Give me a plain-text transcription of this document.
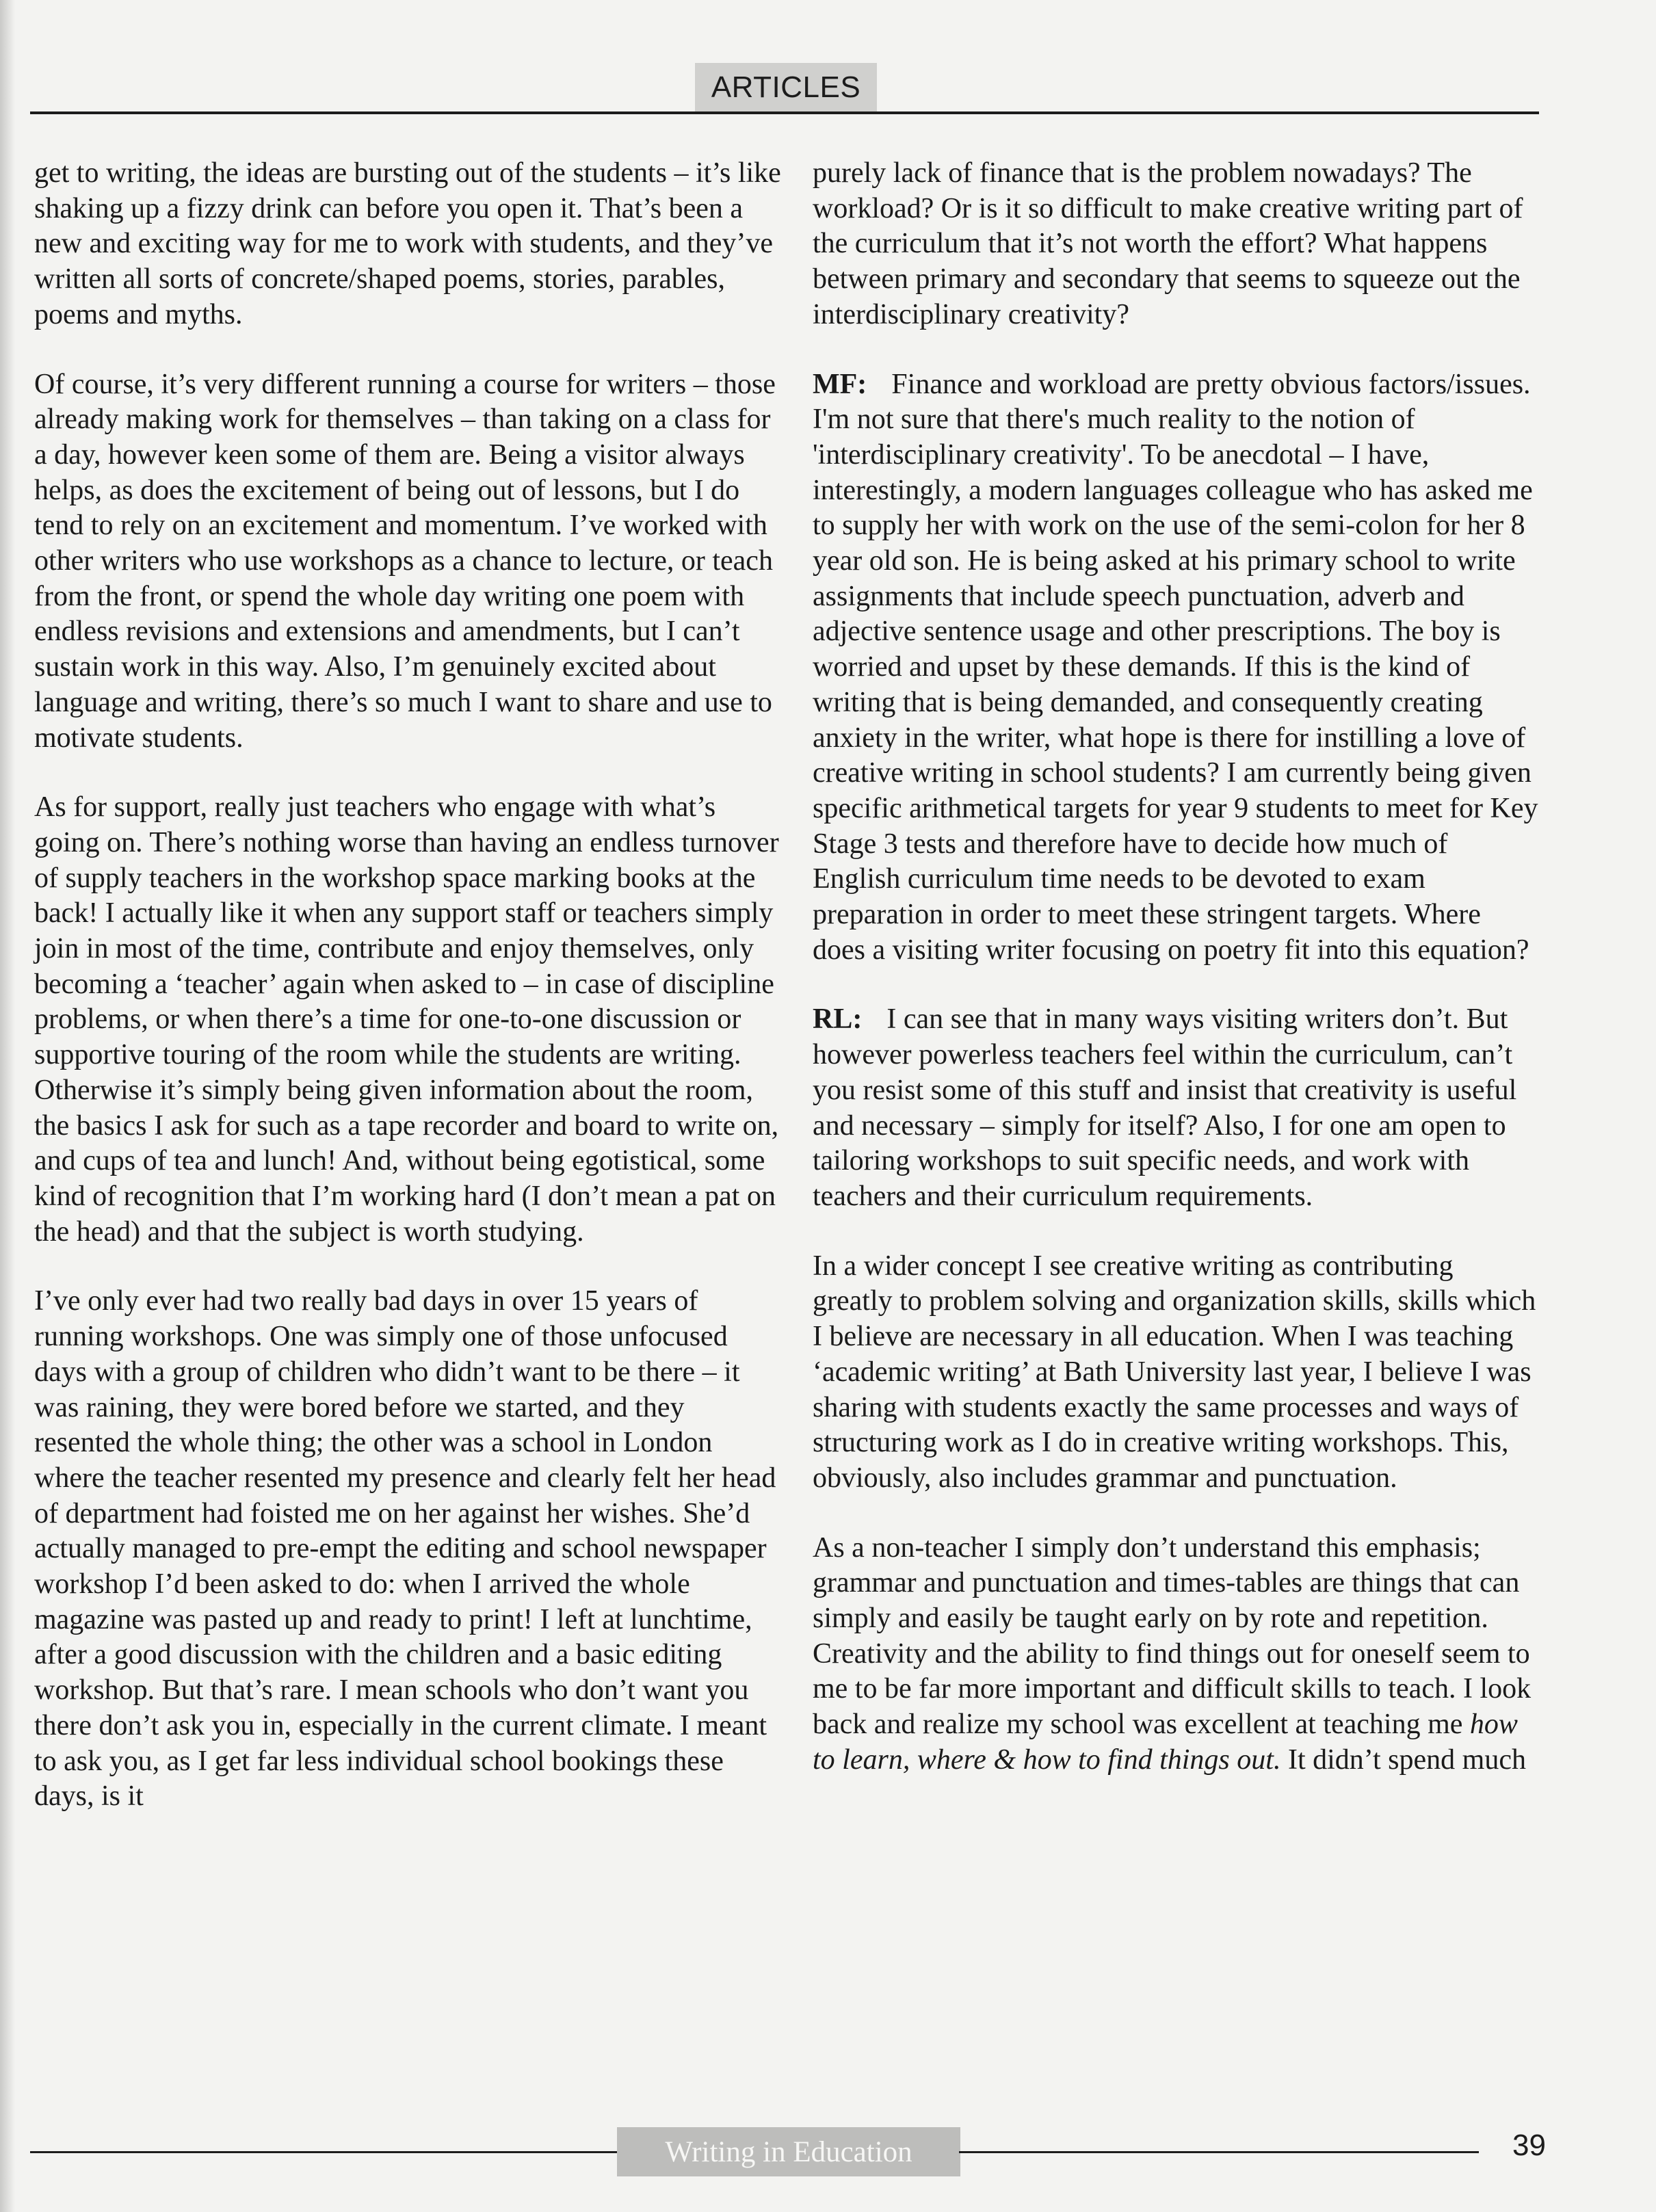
ARTICLES

get to writing, the ideas are bursting out of the students – it’s like shaking up a fizzy drink can before you open it. That’s been a new and exciting way for me to work with students, and they’ve written all sorts of concrete/shaped poems, stories, parables, poems and myths.

Of course, it’s very different running a course for writers – those already making work for themselves – than taking on a class for a day, however keen some of them are. Being a visitor always helps, as does the excitement of being out of lessons, but I do tend to rely on an excitement and momentum. I’ve worked with other writers who use workshops as a chance to lecture, or teach from the front, or spend the whole day writing one poem with endless revisions and extensions and amendments, but I can’t sustain work in this way. Also, I’m genuinely excited about language and writing, there’s so much I want to share and use to motivate students.

As for support, really just teachers who engage with what’s going on. There’s nothing worse than having an endless turnover of supply teachers in the workshop space marking books at the back! I actually like it when any support staff or teachers simply join in most of the time, contribute and enjoy themselves, only becoming a ‘teacher’ again when asked to – in case of discipline problems, or when there’s a time for one-to-one discussion or supportive touring of the room while the students are writing. Otherwise it’s simply being given information about the room, the basics I ask for such as a tape recorder and board to write on, and cups of tea and lunch! And, without being egotistical, some kind of recognition that I’m working hard (I don’t mean a pat on the head) and that the subject is worth studying.

I’ve only ever had two really bad days in over 15 years of running workshops. One was simply one of those unfocused days with a group of children who didn’t want to be there – it was raining, they were bored before we started, and they resented the whole thing; the other was a school in London where the teacher resented my presence and clearly felt her head of department had foisted me on her against her wishes. She’d actually managed to pre-empt the editing and school newspaper workshop I’d been asked to do: when I arrived the whole magazine was pasted up and ready to print! I left at lunchtime, after a good discussion with the children and a basic editing workshop. But that’s rare. I mean schools who don’t want you there don’t ask you in, especially in the current climate. I meant to ask you, as I get far less individual school bookings these days, is it

purely lack of finance that is the problem nowadays? The workload? Or is it so difficult to make creative writing part of the curriculum that it’s not worth the effort? What happens between primary and secondary that seems to squeeze out the interdisciplinary creativity?

MF: Finance and workload are pretty obvious factors/issues. I'm not sure that there's much reality to the notion of 'interdisciplinary creativity'. To be anecdotal – I have, interestingly, a modern languages colleague who has asked me to supply her with work on the use of the semi-colon for her 8 year old son. He is being asked at his primary school to write assignments that include speech punctuation, adverb and adjective sentence usage and other prescriptions. The boy is worried and upset by these demands. If this is the kind of writing that is being demanded, and consequently creating anxiety in the writer, what hope is there for instilling a love of creative writing in school students? I am currently being given specific arithmetical targets for year 9 students to meet for Key Stage 3 tests and therefore have to decide how much of English curriculum time needs to be devoted to exam preparation in order to meet these stringent targets. Where does a visiting writer focusing on poetry fit into this equation?

RL: I can see that in many ways visiting writers don’t. But however powerless teachers feel within the curriculum, can’t you resist some of this stuff and insist that creativity is useful and necessary – simply for itself? Also, I for one am open to tailoring workshops to suit specific needs, and work with teachers and their curriculum requirements.

In a wider concept I see creative writing as contributing greatly to problem solving and organization skills, skills which I believe are necessary in all education. When I was teaching ‘academic writing’ at Bath University last year, I believe I was sharing with students exactly the same processes and ways of structuring work as I do in creative writing workshops. This, obviously, also includes grammar and punctuation.

As a non-teacher I simply don’t understand this emphasis; grammar and punctuation and times-tables are things that can simply and easily be taught early on by rote and repetition. Creativity and the ability to find things out for oneself seem to me to be far more important and difficult skills to teach. I look back and realize my school was excellent at teaching me how to learn, where & how to find things out. It didn’t spend much

Writing in Education	39
